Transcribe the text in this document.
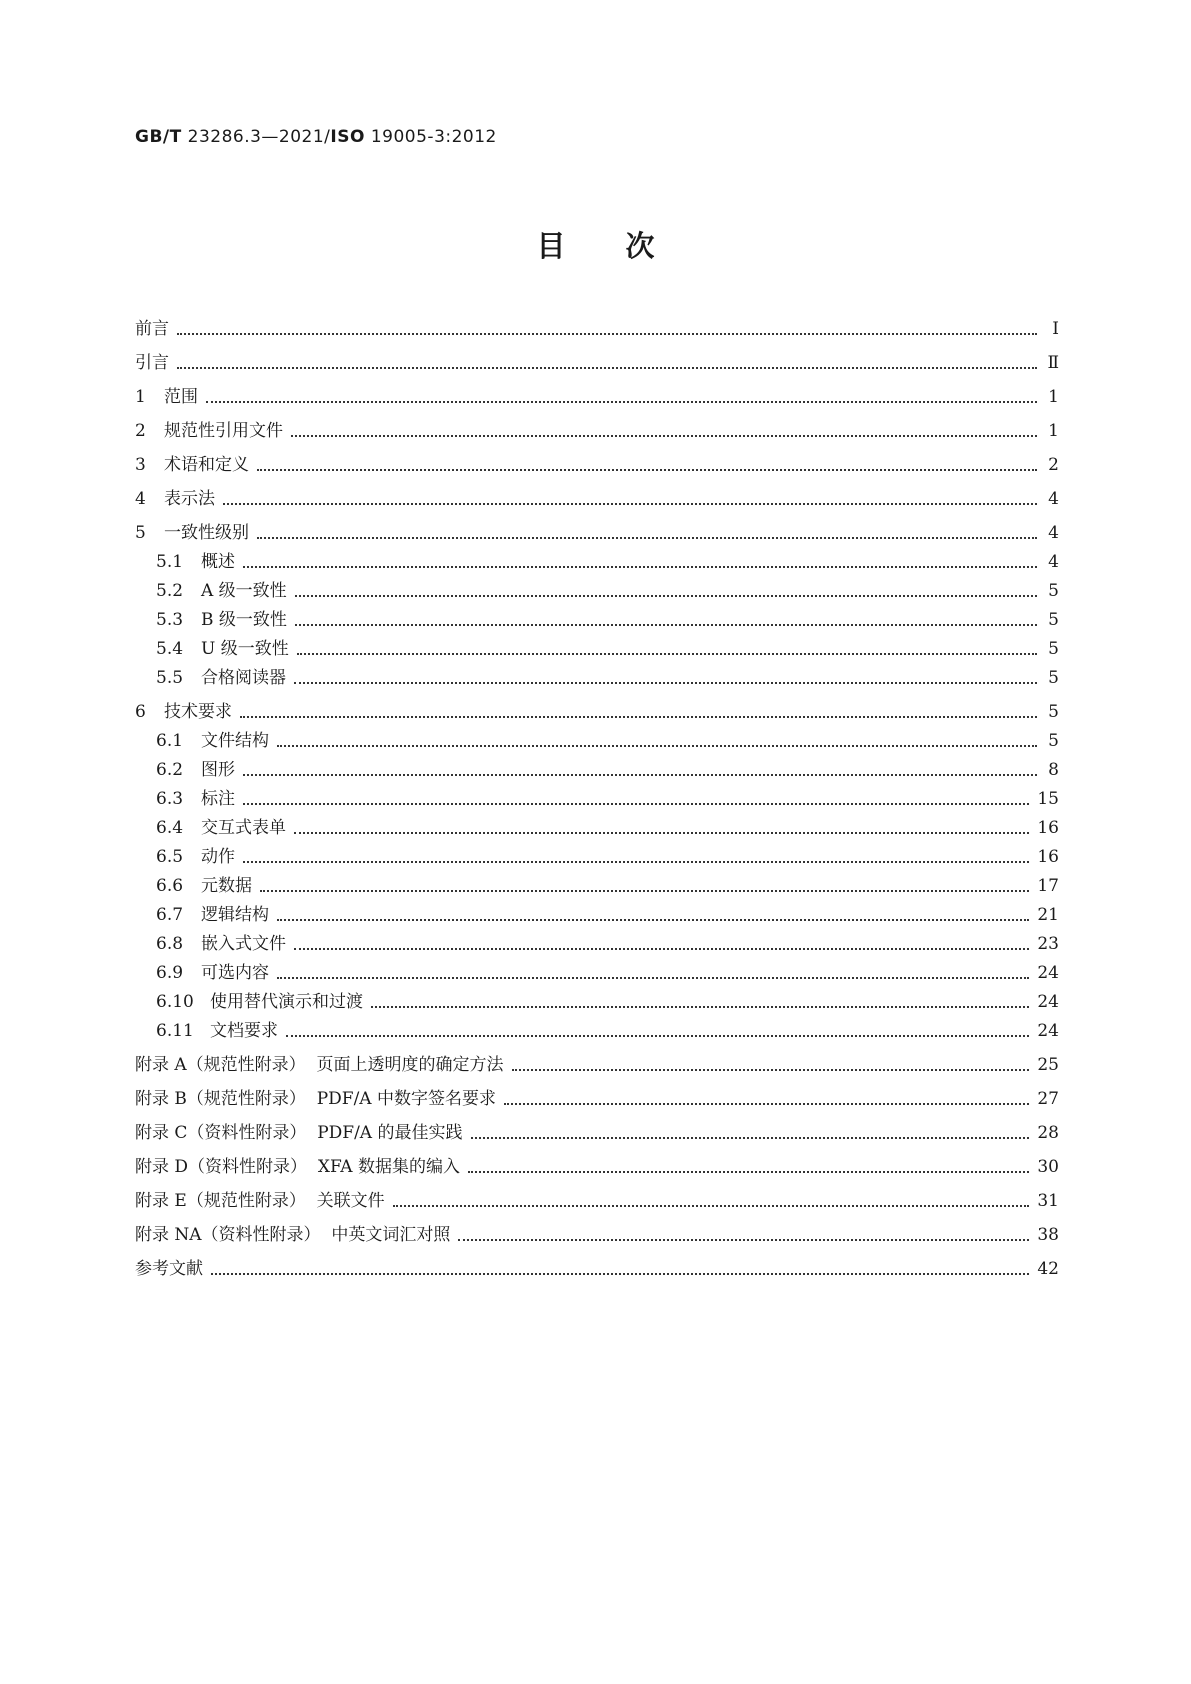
GB/T 23286.3—2021/ISO 19005-3:2012
目次
前言	Ⅰ
引言	Ⅱ
1	范围	1
2	规范性引用文件	1
3	术语和定义	2
4	表示法	4
5	一致性级别	4
5.1	概述	4
5.2	A 级一致性	5
5.3	B 级一致性	5
5.4	U 级一致性	5
5.5	合格阅读器	5
6	技术要求	5
6.1	文件结构	5
6.2	图形	8
6.3	标注	15
6.4	交互式表单	16
6.5	动作	16
6.6	元数据	17
6.7	逻辑结构	21
6.8	嵌入式文件	23
6.9	可选内容	24
6.10 使用替代演示和过渡	24
6.11 文档要求	24
附录 A（规范性附录）  页面上透明度的确定方法	25
附录 B（规范性附录）  PDF/A 中数字签名要求	27
附录 C（资料性附录）  PDF/A 的最佳实践	28
附录 D（资料性附录）  XFA 数据集的编入	30
附录 E（规范性附录）  关联文件	31
附录 NA（资料性附录）  中英文词汇对照	38
参考文献	42
